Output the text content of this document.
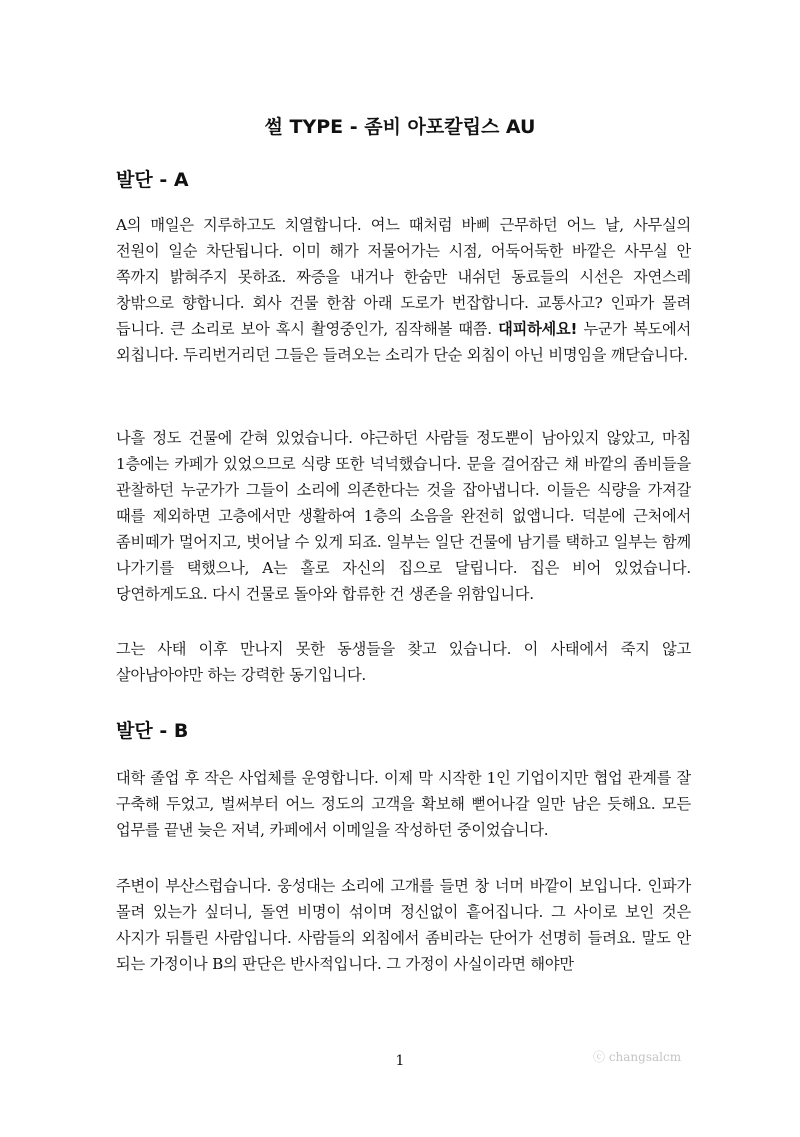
썰 TYPE - 좀비 아포칼립스 AU
발단 - A

A의 매일은 지루하고도 치열합니다. 여느 때처럼 바삐 근무하던 어느 날, 사무실의 전원이 일순 차단됩니다. 이미 해가 저물어가는 시점, 어둑어둑한 바깥은 사무실 안 쪽까지 밝혀주지 못하죠. 짜증을 내거나 한숨만 내쉬던 동료들의 시선은 자연스레 창밖으로 향합니다. 회사 건물 한참 아래 도로가 번잡합니다. 교통사고? 인파가 몰려 듭니다. 큰 소리로 보아 혹시 촬영중인가, 짐작해볼 때쯤. 대피하세요! 누군가 복도에서 외칩니다. 두리번거리던 그들은 들려오는 소리가 단순 외침이 아닌 비명임을 깨닫습니다.

나흘 정도 건물에 갇혀 있었습니다. 야근하던 사람들 정도뿐이 남아있지 않았고, 마침 1층에는 카페가 있었으므로 식량 또한 넉넉했습니다. 문을 걸어잠근 채 바깥의 좀비들을 관찰하던 누군가가 그들이 소리에 의존한다는 것을 잡아냅니다. 이들은 식량을 가져갈 때를 제외하면 고층에서만 생활하여 1층의 소음을 완전히 없앱니다. 덕분에 근처에서 좀비떼가 멀어지고, 벗어날 수 있게 되죠. 일부는 일단 건물에 남기를 택하고 일부는 함께 나가기를 택했으나, A는 홀로 자신의 집으로 달립니다. 집은 비어 있었습니다. 당연하게도요. 다시 건물로 돌아와 합류한 건 생존을 위함입니다.

그는 사태 이후 만나지 못한 동생들을 찾고 있습니다. 이 사태에서 죽지 않고 살아남아야만 하는 강력한 동기입니다.

발단 - B

대학 졸업 후 작은 사업체를 운영합니다. 이제 막 시작한 1인 기업이지만 협업 관계를 잘 구축해 두었고, 벌써부터 어느 정도의 고객을 확보해 뻗어나갈 일만 남은 듯해요. 모든 업무를 끝낸 늦은 저녁, 카페에서 이메일을 작성하던 중이었습니다.

주변이 부산스럽습니다. 웅성대는 소리에 고개를 들면 창 너머 바깥이 보입니다. 인파가 몰려 있는가 싶더니, 돌연 비명이 섞이며 정신없이 흩어집니다. 그 사이로 보인 것은 사지가 뒤틀린 사람입니다. 사람들의 외침에서 좀비라는 단어가 선명히 들려요. 말도 안 되는 가정이나 B의 판단은 반사적입니다. 그 가정이 사실이라면 해야만

1	ⓒ changsalcm
